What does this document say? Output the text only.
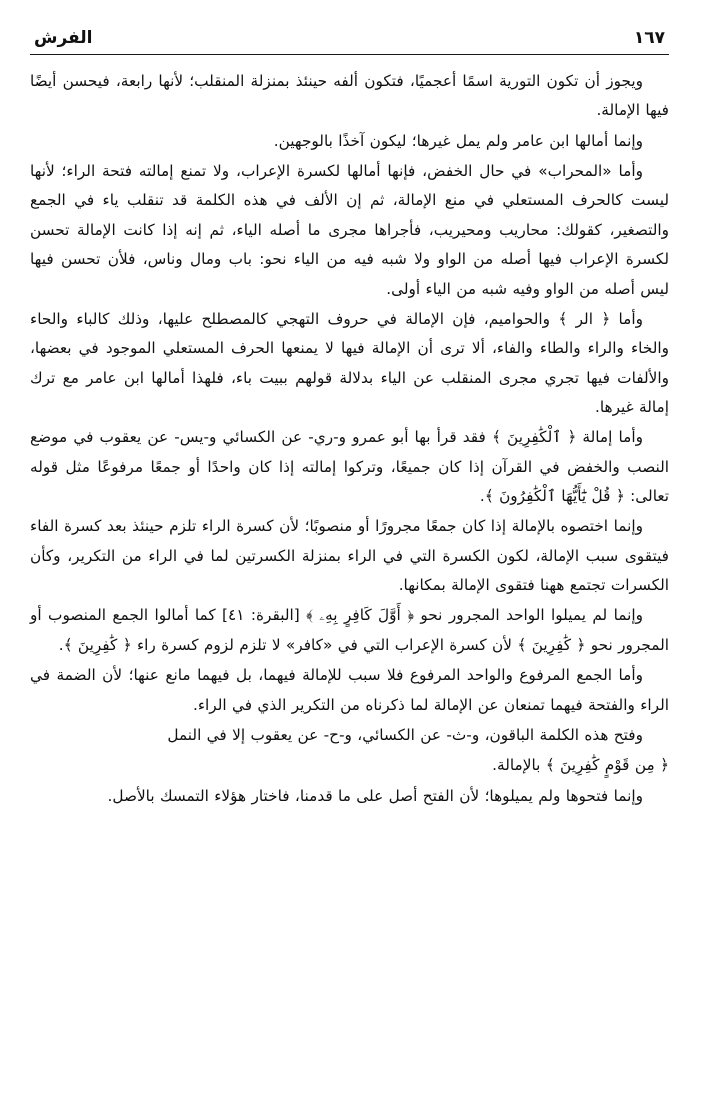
الفرش	١٦٧

ويجوز أن تكون التورية اسمًا أعجميًا، فتكون ألفه حينئذ بمنزلة المنقلب؛ لأنها رابعة، فيحسن أيضًا فيها الإمالة.

وإنما أمالها ابن عامر ولم يمل غيرها؛ ليكون آخذًا بالوجهين.

وأما «المحراب» في حال الخفض، فإنها أمالها لكسرة الإعراب، ولا تمنع إمالته فتحة الراء؛ لأنها ليست كالحرف المستعلي في منع الإمالة، ثم إن الألف في هذه الكلمة قد تنقلب ياء في الجمع والتصغير، كقولك: محاريب ومحيريب، فأجراها مجرى ما أصله الياء، ثم إنه إذا كانت الإمالة تحسن لكسرة الإعراب فيها أصله من الواو ولا شبه فيه من الياء نحو: باب ومال وناس، فلأن تحسن فيها ليس أصله من الواو وفيه شبه من الياء أولى.

وأما ﴿ الر ﴾ والحواميم، فإن الإمالة في حروف التهجي كالمصطلح عليها، وذلك كالباء والحاء والخاء والراء والطاء والفاء، ألا ترى أن الإمالة فيها لا يمنعها الحرف المستعلي الموجود في بعضها، والألفات فيها تجري مجرى المنقلب عن الياء بدلالة قولهم ببيت باء، فلهذا أمالها ابن عامر مع ترك إمالة غيرها.

وأما إمالة ﴿ ٱلْكَٰفِرِينَ ﴾ فقد قرأ بها أبو عمرو و-ري- عن الكسائي و-يس- عن يعقوب في موضع النصب والخفض في القرآن إذا كان جميعًا، وتركوا إمالته إذا كان واحدًا أو جمعًا مرفوعًا مثل قوله تعالى: ﴿ قُلْ يَٰٓأَيُّهَا ٱلْكَٰفِرُونَ ﴾.

وإنما اختصوه بالإمالة إذا كان جمعًا مجرورًا أو منصوبًا؛ لأن كسرة الراء تلزم حينئذ بعد كسرة الفاء فيتقوى سبب الإمالة، لكون الكسرة التي في الراء بمنزلة الكسرتين لما في الراء من التكرير، وكأن الكسرات تجتمع ههنا فتقوى الإمالة بمكانها.

وإنما لم يميلوا الواحد المجرور نحو ﴿ أَوَّلَ كَافِرٍ بِهِۦ ﴾ [البقرة: ٤١] كما أمالوا الجمع المنصوب أو المجرور نحو ﴿ كَٰفِرِينَ ﴾ لأن كسرة الإعراب التي في «كافر» لا تلزم لزوم كسرة راء ﴿ كَٰفِرِينَ ﴾.

وأما الجمع المرفوع والواحد المرفوع فلا سبب للإمالة فيهما، بل فيهما مانع عنها؛ لأن الضمة في الراء والفتحة فيهما تمنعان عن الإمالة لما ذكرناه من التكرير الذي في الراء.

وفتح هذه الكلمة الباقون، و-ث- عن الكسائي، و-ح- عن يعقوب إلا في النمل

﴿ مِن قَوْمٍ كَٰفِرِينَ ﴾ بالإمالة.

وإنما فتحوها ولم يميلوها؛ لأن الفتح أصل على ما قدمنا، فاختار هؤلاء التمسك بالأصل.
